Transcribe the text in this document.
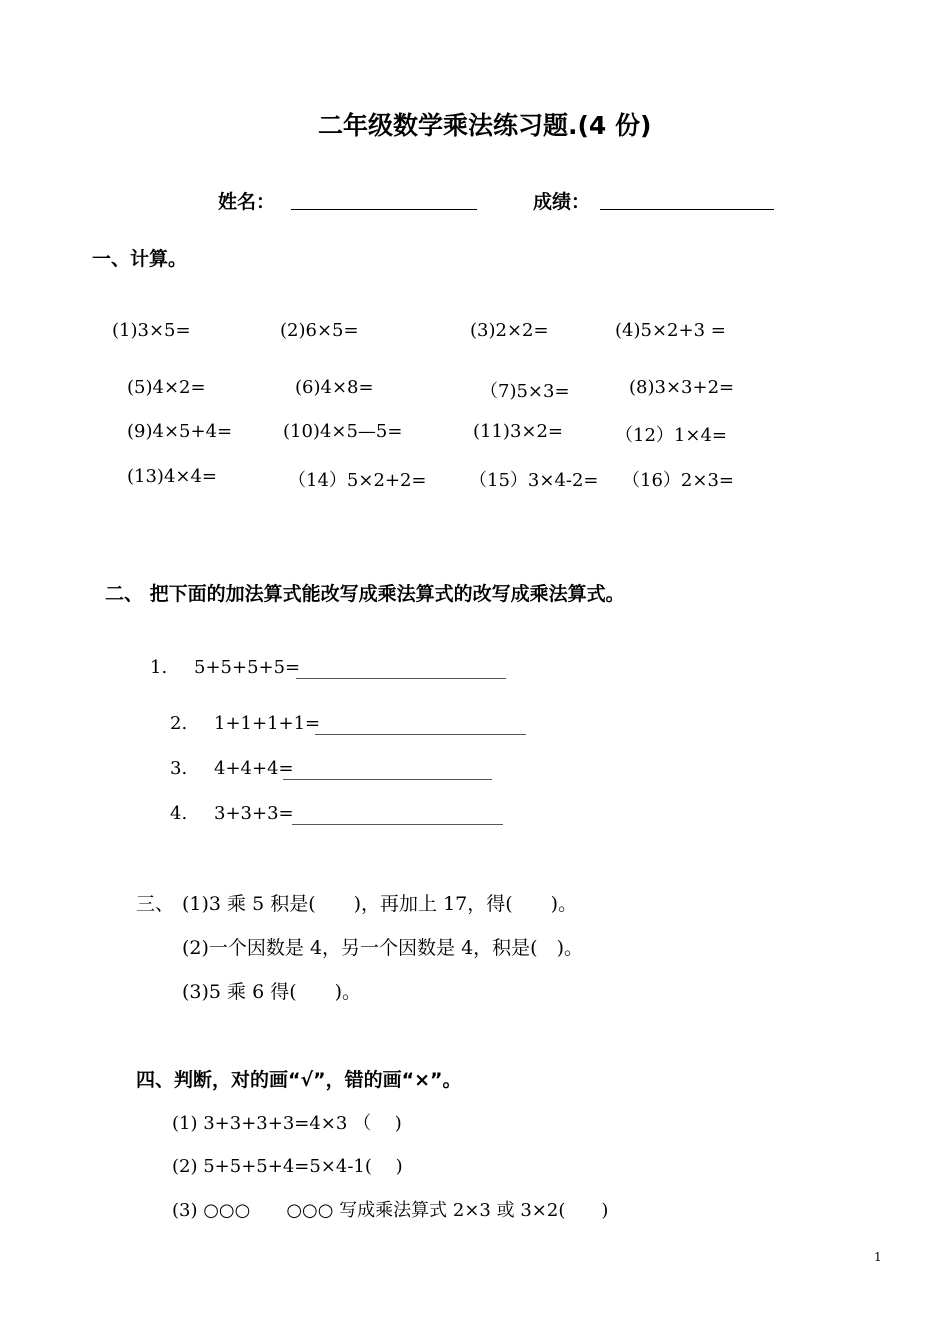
二年级数学乘法练习题.(4 份)
姓名：	成绩：
一、计算。
(1)3×5=	(2)6×5=	(3)2×2=	(4)5×2+3 =
(5)4×2=	(6)4×8=	（7)5×3=	(8)3×3+2=
(9)4×5+4=	(10)4×5—5=	(11)3×2=	（12）1×4=
(13)4×4=	（14）5×2+2= （15）3×4-2= （16）2×3=
二、 把下面的加法算式能改写成乘法算式的改写成乘法算式。
1. 5+5+5+5=
2. 1+1+1+1=
3. 4+4+4=
4. 3+3+3=
三、 (1)3 乘 5 积是(　　)，再加上 17，得(　　)。
(2)一个因数是 4，另一个因数是 4，积是(　)。
(3)5 乘 6 得(　　)。
四、判断，对的画“√”，错的画“×”。
(1) 3+3+3+3=4×3 （　 )
(2) 5+5+5+4=5×4-1(　 )
(3) ○○○　　○○○ 写成乘法算式 2×3 或 3×2(　　)
1
